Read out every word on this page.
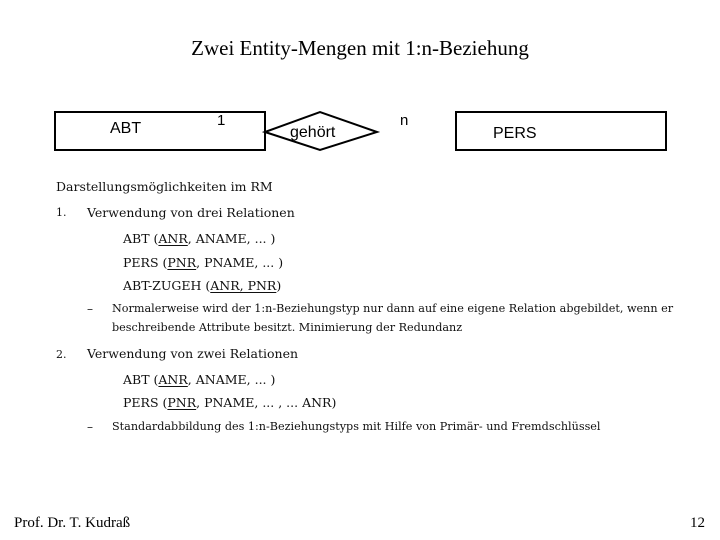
Zwei Entity-Mengen mit 1:n-Beziehung
ABT	gehört	PERS
1	n
Darstellungsmöglichkeiten im RM
1. Verwendung von drei Relationen
ABT (ANR, ANAME, ... )
PERS (PNR, PNAME, ... )
ABT-ZUGEH (ANR, PNR)
– Normalerweise wird der 1:n-Beziehungstyp nur dann auf eine eigene Relation abgebildet, wenn er
beschreibende Attribute besitzt. Minimierung der Redundanz
2. Verwendung von zwei Relationen
ABT (ANR, ANAME, ... )
PERS (PNR, PNAME, ... , ... ANR)
– Standardabbildung des 1:n-Beziehungstyps mit Hilfe von Primär- und Fremdschlüssel
Prof. Dr. T. Kudraß	12
